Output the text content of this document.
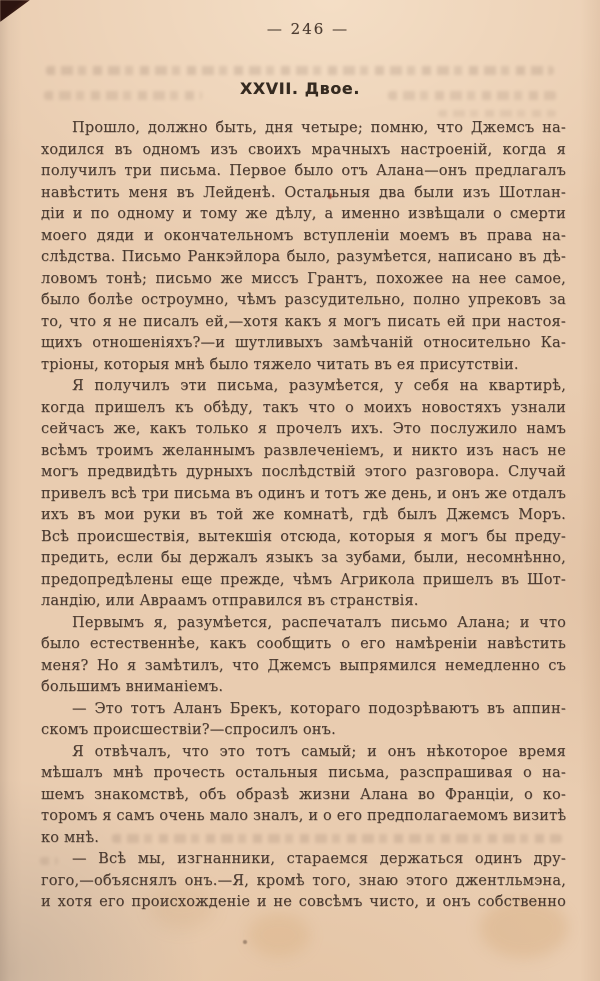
— 246 —
XXVII. Двое.
Прошло, должно быть, дня четыре; помню, что Джемсъ на-
ходился въ одномъ изъ своихъ мрачныхъ настроеній, когда я
получилъ три письма. Первое было отъ Алана—онъ предлагалъ
навѣстить меня въ Лейденѣ. Остальныя два были изъ Шотлан-
діи и по одному и тому же дѣлу, а именно извѣщали о смерти
моего дяди и окончательномъ вступленіи моемъ въ права на-
слѣдства. Письмо Ранкэйлора было, разумѣется, написано въ дѣ-
ловомъ тонѣ; письмо же миссъ Грантъ, похожее на нее самое,
было болѣе остроумно, чѣмъ разсудительно, полно упрековъ за
то, что я не писалъ ей,—хотя какъ я могъ писать ей при настоя-
щихъ отношеніяхъ?—и шутливыхъ замѣчаній относительно Ка-
тріоны, которыя мнѣ было тяжело читать въ ея присутствіи.
Я получилъ эти письма, разумѣется, у себя на квартирѣ,
когда пришелъ къ обѣду, такъ что о моихъ новостяхъ узнали
сейчасъ же, какъ только я прочелъ ихъ. Это послужило намъ
всѣмъ троимъ желаннымъ развлеченіемъ, и никто изъ насъ не
могъ предвидѣть дурныхъ послѣдствій этого разговора. Случай
привелъ всѣ три письма въ одинъ и тотъ же день, и онъ же отдалъ
ихъ въ мои руки въ той же комнатѣ, гдѣ былъ Джемсъ Моръ.
Всѣ происшествія, вытекшія отсюда, которыя я могъ бы преду-
предить, если бы держалъ языкъ за зубами, были, несомнѣнно,
предопредѣлены еще прежде, чѣмъ Агрикола пришелъ въ Шот-
ландію, или Авраамъ отправился въ странствія.
Первымъ я, разумѣется, распечаталъ письмо Алана; и что
было естественнѣе, какъ сообщить о его намѣреніи навѣстить
меня? Но я замѣтилъ, что Джемсъ выпрямился немедленно съ
большимъ вниманіемъ.
— Это тотъ Аланъ Брекъ, котораго подозрѣваютъ въ аппин-
скомъ происшествіи?—спросилъ онъ.
Я отвѣчалъ, что это тотъ самый; и онъ нѣкоторое время
мѣшалъ мнѣ прочесть остальныя письма, разспрашивая о на-
шемъ знакомствѣ, объ образѣ жизни Алана во Франціи, о ко-
торомъ я самъ очень мало зналъ, и о его предполагаемомъ визитѣ
ко мнѣ.
— Всѣ мы, изгнанники, стараемся держаться одинъ дру-
гого,—объяснялъ онъ.—Я, кромѣ того, знаю этого джентльмэна,
и хотя его происхожденіе и не совсѣмъ чисто, и онъ собственно
